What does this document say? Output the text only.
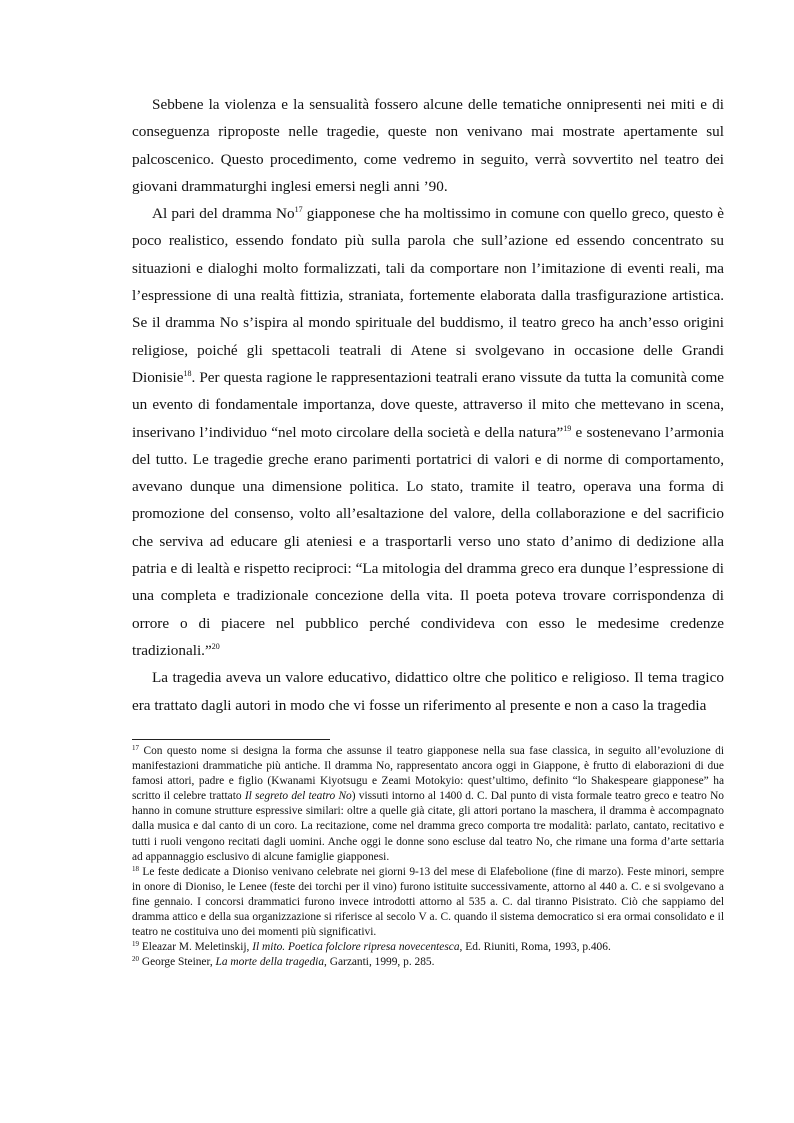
Sebbene la violenza e la sensualità fossero alcune delle tematiche onnipresenti nei miti e di conseguenza riproposte nelle tragedie, queste non venivano mai mostrate apertamente sul palcoscenico. Questo procedimento, come vedremo in seguito, verrà sovvertito nel teatro dei giovani drammaturghi inglesi emersi negli anni ’90.

Al pari del dramma No$^{17}$ giapponese che ha moltissimo in comune con quello greco, questo è poco realistico, essendo fondato più sulla parola che sull’azione ed essendo concentrato su situazioni e dialoghi molto formalizzati, tali da comportare non l’imitazione di eventi reali, ma l’espressione di una realtà fittizia, straniata, fortemente elaborata dalla trasfigurazione artistica. Se il dramma No s’ispira al mondo spirituale del buddismo, il teatro greco ha anch’esso origini religiose, poiché gli spettacoli teatrali di Atene si svolgevano in occasione delle Grandi Dionisie$^{18}$. Per questa ragione le rappresentazioni teatrali erano vissute da tutta la comunità come un evento di fondamentale importanza, dove queste, attraverso il mito che mettevano in scena, inserivano l’individuo “nel moto circolare della società e della natura”$^{19}$ e sostenevano l’armonia del tutto. Le tragedie greche erano parimenti portatrici di valori e di norme di comportamento, avevano dunque una dimensione politica. Lo stato, tramite il teatro, operava una forma di promozione del consenso, volto all’esaltazione del valore, della collaborazione e del sacrificio che serviva ad educare gli ateniesi e a trasportarli verso uno stato d’animo di dedizione alla patria e di lealtà e rispetto reciproci: “La mitologia del dramma greco era dunque l’espressione di una completa e tradizionale concezione della vita. Il poeta poteva trovare corrispondenza di orrore o di piacere nel pubblico perché condivideva con esso le medesime credenze tradizionali.”$^{20}$

La tragedia aveva un valore educativo, didattico oltre che politico e religioso. Il tema tragico era trattato dagli autori in modo che vi fosse un riferimento al presente e non a caso la tragedia

$^{17}$ Con questo nome si designa la forma che assunse il teatro giapponese nella sua fase classica, in seguito all’evoluzione di manifestazioni drammatiche più antiche. Il dramma No, rappresentato ancora oggi in Giappone, è frutto di elaborazioni di due famosi attori, padre e figlio (Kwanami Kiyotsugu e Zeami Motokyio: quest’ultimo, definito “lo Shakespeare giapponese” ha scritto il celebre trattato Il segreto del teatro No) vissuti intorno al 1400 d. C. Dal punto di vista formale teatro greco e teatro No hanno in comune strutture espressive similari: oltre a quelle già citate, gli attori portano la maschera, il dramma è accompagnato dalla musica e dal canto di un coro. La recitazione, come nel dramma greco comporta tre modalità: parlato, cantato, recitativo e tutti i ruoli vengono recitati dagli uomini. Anche oggi le donne sono escluse dal teatro No, che rimane una forma d’arte settaria ad appannaggio esclusivo di alcune famiglie giapponesi.

$^{18}$ Le feste dedicate a Dioniso venivano celebrate nei giorni 9-13 del mese di Elafebolione (fine di marzo). Feste minori, sempre in onore di Dioniso, le Lenee (feste dei torchi per il vino) furono istituite successivamente, attorno al 440 a. C. e si svolgevano a fine gennaio. I concorsi drammatici furono invece introdotti attorno al 535 a. C. dal tiranno Pisistrato. Ciò che sappiamo del dramma attico e della sua organizzazione si riferisce al secolo V a. C. quando il sistema democratico si era ormai consolidato e il teatro ne costituiva uno dei momenti più significativi.

$^{19}$ Eleazar M. Meletinskij, Il mito. Poetica folclore ripresa novecentesca, Ed. Riuniti, Roma, 1993, p.406.

$^{20}$ George Steiner, La morte della tragedia, Garzanti, 1999, p. 285.
